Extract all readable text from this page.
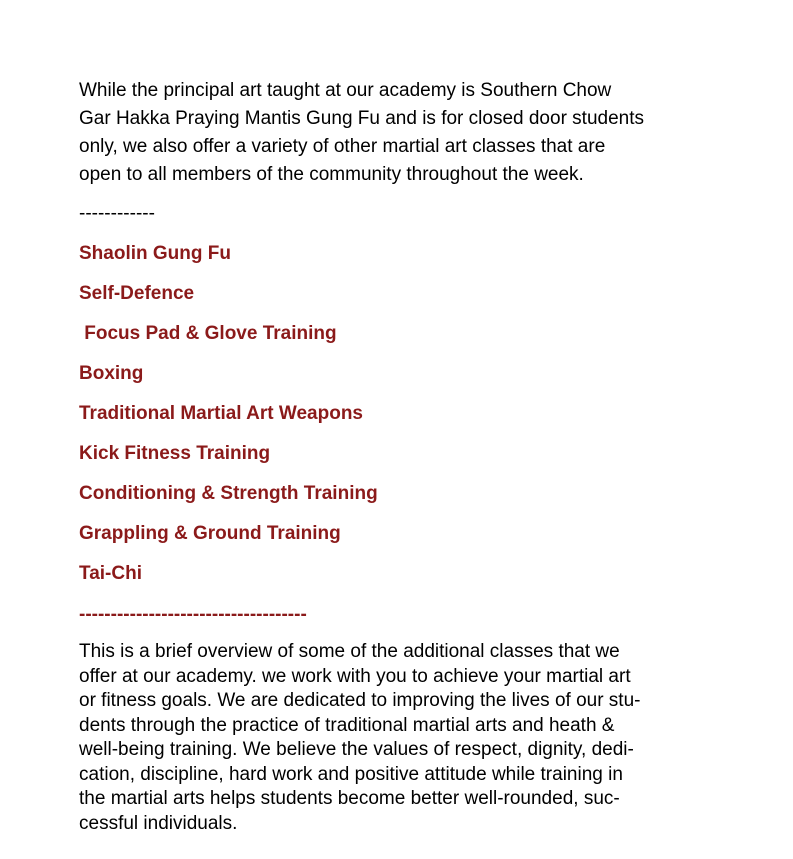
While the principal art taught at our academy is Southern Chow
Gar Hakka Praying Mantis Gung Fu and is for closed door students
only, we also offer a variety of other martial art classes that are
open to all members of the community throughout the week.

------------
Shaolin Gung Fu
Self-Defence
Focus Pad & Glove Training
Boxing
Traditional Martial Art Weapons
Kick Fitness Training
Conditioning & Strength Training
Grappling & Ground Training
Tai-Chi
------------------------------------

This is a brief overview of some of the additional classes that we
offer at our academy. we work with you to achieve your martial art
or fitness goals. We are dedicated to improving the lives of our stu-
dents through the practice of traditional martial arts and heath &
well-being training. We believe the values of respect, dignity, dedi-
cation, discipline, hard work and positive attitude while training in
the martial arts helps students become better well-rounded, suc-
cessful individuals.
